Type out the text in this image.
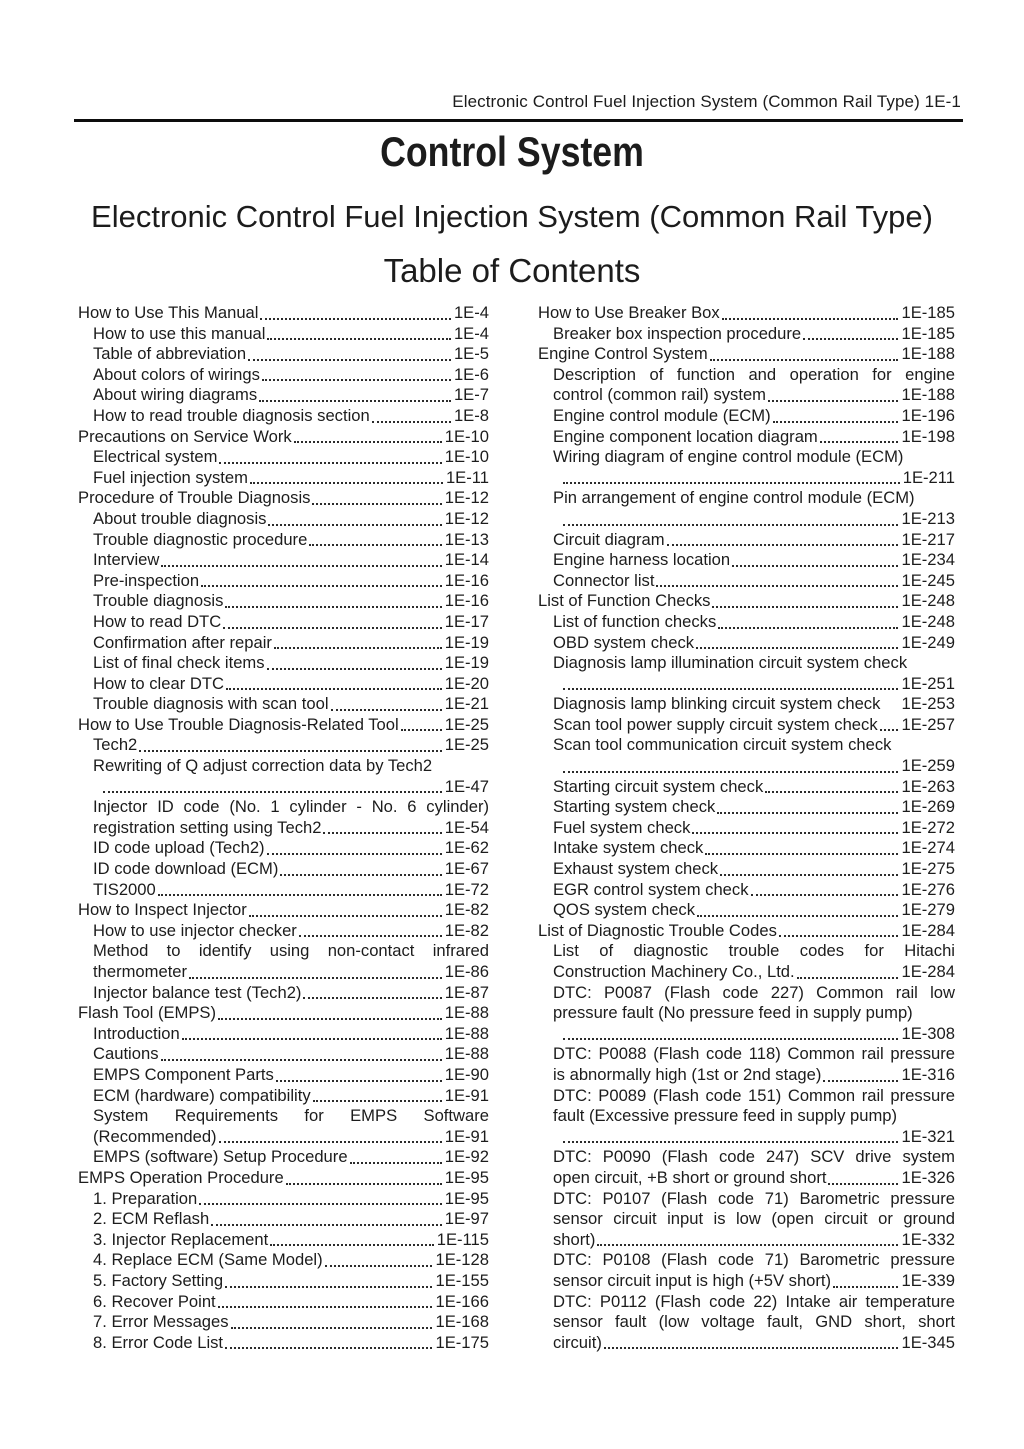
Electronic Control Fuel Injection System (Common Rail Type) 1E-1
Control System
Electronic Control Fuel Injection System (Common Rail Type)
Table of Contents
How to Use This Manual	1E-4
How to use this manual	1E-4
Table of abbreviation	1E-5
About colors of wirings	1E-6
About wiring diagrams	1E-7
How to read trouble diagnosis section	1E-8
Precautions on Service Work	1E-10
Electrical system	1E-10
Fuel injection system	1E-11
Procedure of Trouble Diagnosis	1E-12
About trouble diagnosis	1E-12
Trouble diagnostic procedure	1E-13
Interview	1E-14
Pre-inspection	1E-16
Trouble diagnosis	1E-16
How to read DTC	1E-17
Confirmation after repair	1E-19
List of final check items	1E-19
How to clear DTC	1E-20
Trouble diagnosis with scan tool	1E-21
How to Use Trouble Diagnosis-Related Tool	1E-25
Tech2	1E-25
Rewriting of Q adjust correction data by Tech2
1E-47
Injector ID code (No. 1 cylinder - No. 6 cylinder)
registration setting using Tech2	1E-54
ID code upload (Tech2)	1E-62
ID code download (ECM)	1E-67
TIS2000	1E-72
How to Inspect Injector	1E-82
How to use injector checker	1E-82
Method to identify using non-contact infrared
thermometer	1E-86
Injector balance test (Tech2)	1E-87
Flash Tool (EMPS)	1E-88
Introduction	1E-88
Cautions	1E-88
EMPS Component Parts	1E-90
ECM (hardware) compatibility	1E-91
System Requirements for EMPS Software
(Recommended)	1E-91
EMPS (software) Setup Procedure	1E-92
EMPS Operation Procedure	1E-95
1. Preparation	1E-95
2. ECM Reflash	1E-97
3. Injector Replacement	1E-115
4. Replace ECM (Same Model)	1E-128
5. Factory Setting	1E-155
6. Recover Point	1E-166
7. Error Messages	1E-168
8. Error Code List	1E-175
How to Use Breaker Box	1E-185
Breaker box inspection procedure	1E-185
Engine Control System	1E-188
Description of function and operation for engine
control (common rail) system	1E-188
Engine control module (ECM)	1E-196
Engine component location diagram	1E-198
Wiring diagram of engine control module (ECM)
1E-211
Pin arrangement of engine control module (ECM)
1E-213
Circuit diagram	1E-217
Engine harness location	1E-234
Connector list	1E-245
List of Function Checks	1E-248
List of function checks	1E-248
OBD system check	1E-249
Diagnosis lamp illumination circuit system check
1E-251
Diagnosis lamp blinking circuit system check 1E-253
Scan tool power supply circuit system check 1E-257
Scan tool communication circuit system check
1E-259
Starting circuit system check	1E-263
Starting system check	1E-269
Fuel system check	1E-272
Intake system check	1E-274
Exhaust system check	1E-275
EGR control system check	1E-276
QOS system check	1E-279
List of Diagnostic Trouble Codes	1E-284
List of diagnostic trouble codes for Hitachi
Construction Machinery Co., Ltd.	1E-284
DTC: P0087 (Flash code 227) Common rail low
pressure fault (No pressure feed in supply pump)
1E-308
DTC: P0088 (Flash code 118) Common rail pressure
is abnormally high (1st or 2nd stage)	1E-316
DTC: P0089 (Flash code 151) Common rail pressure
fault (Excessive pressure feed in supply pump)
1E-321
DTC: P0090 (Flash code 247) SCV drive system
open circuit, +B short or ground short	1E-326
DTC: P0107 (Flash code 71) Barometric pressure
sensor circuit input is low (open circuit or ground
short)	1E-332
DTC: P0108 (Flash code 71) Barometric pressure
sensor circuit input is high (+5V short)	1E-339
DTC: P0112 (Flash code 22) Intake air temperature
sensor fault (low voltage fault, GND short, short
circuit)	1E-345
